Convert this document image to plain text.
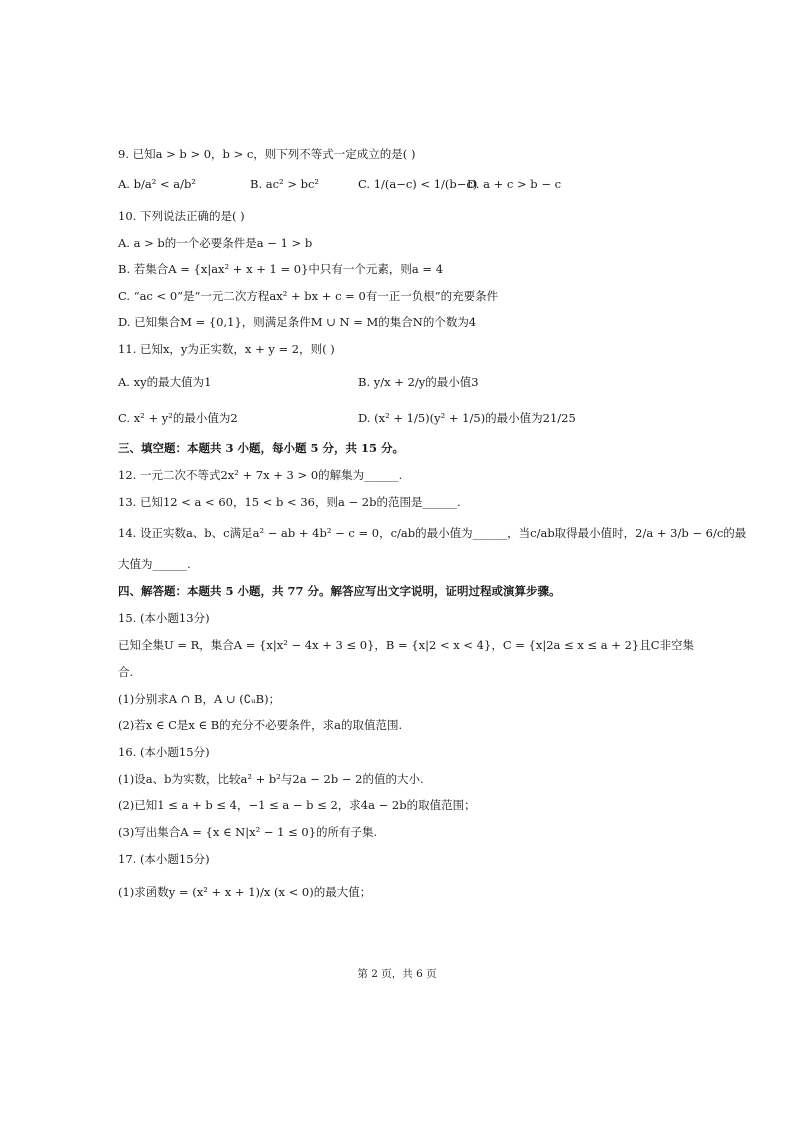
9. 已知a > b > 0，b > c，则下列不等式一定成立的是( )
A. b/a² < a/b²	B. ac² > bc²	C. 1/(a−c) < 1/(b−c)
D. a + c > b − c
10. 下列说法正确的是( )
A. a > b的一个必要条件是a − 1 > b
B. 若集合A = {x|ax² + x + 1 = 0}中只有一个元素，则a = 4
C. “ac < 0”是“一元二次方程ax² + bx + c = 0有一正一负根”的充要条件
D. 已知集合M = {0,1}，则满足条件M ∪ N = M的集合N的个数为4
11. 已知x，y为正实数，x + y = 2，则( )
A. xy的最大值为1	B. y/x + 2/y的最小值3
C. x² + y²的最小值为2	D. (x² + 1/5)(y² + 1/5)的最小值为21/25
三、填空题：本题共 3 小题，每小题 5 分，共 15 分。
12. 一元二次不等式2x² + 7x + 3 > 0的解集为______.
13. 已知12 < a < 60，15 < b < 36，则a − 2b的范围是______.
14. 设正实数a、b、c满足a² − ab + 4b² − c = 0，c/ab的最小值为______，当c/ab取得最小值时，2/a + 3/b − 6/c的最
大值为______.
四、解答题：本题共 5 小题，共 77 分。解答应写出文字说明，证明过程或演算步骤。
15. (本小题13分)
已知全集U = R，集合A = {x|x² − 4x + 3 ≤ 0}，B = {x|2 < x < 4}，C = {x|2a ≤ x ≤ a + 2}且C非空集
合.
(1)分别求A ∩ B，A ∪ (∁ᵤB)；
(2)若x ∈ C是x ∈ B的充分不必要条件，求a的取值范围.
16. (本小题15分)
(1)设a、b为实数，比较a² + b²与2a − 2b − 2的值的大小.
(2)已知1 ≤ a + b ≤ 4，−1 ≤ a − b ≤ 2，求4a − 2b的取值范围；
(3)写出集合A = {x ∈ N|x² − 1 ≤ 0}的所有子集.
17. (本小题15分)
(1)求函数y = (x² + x + 1)/x (x < 0)的最大值；
第 2 页，共 6 页
